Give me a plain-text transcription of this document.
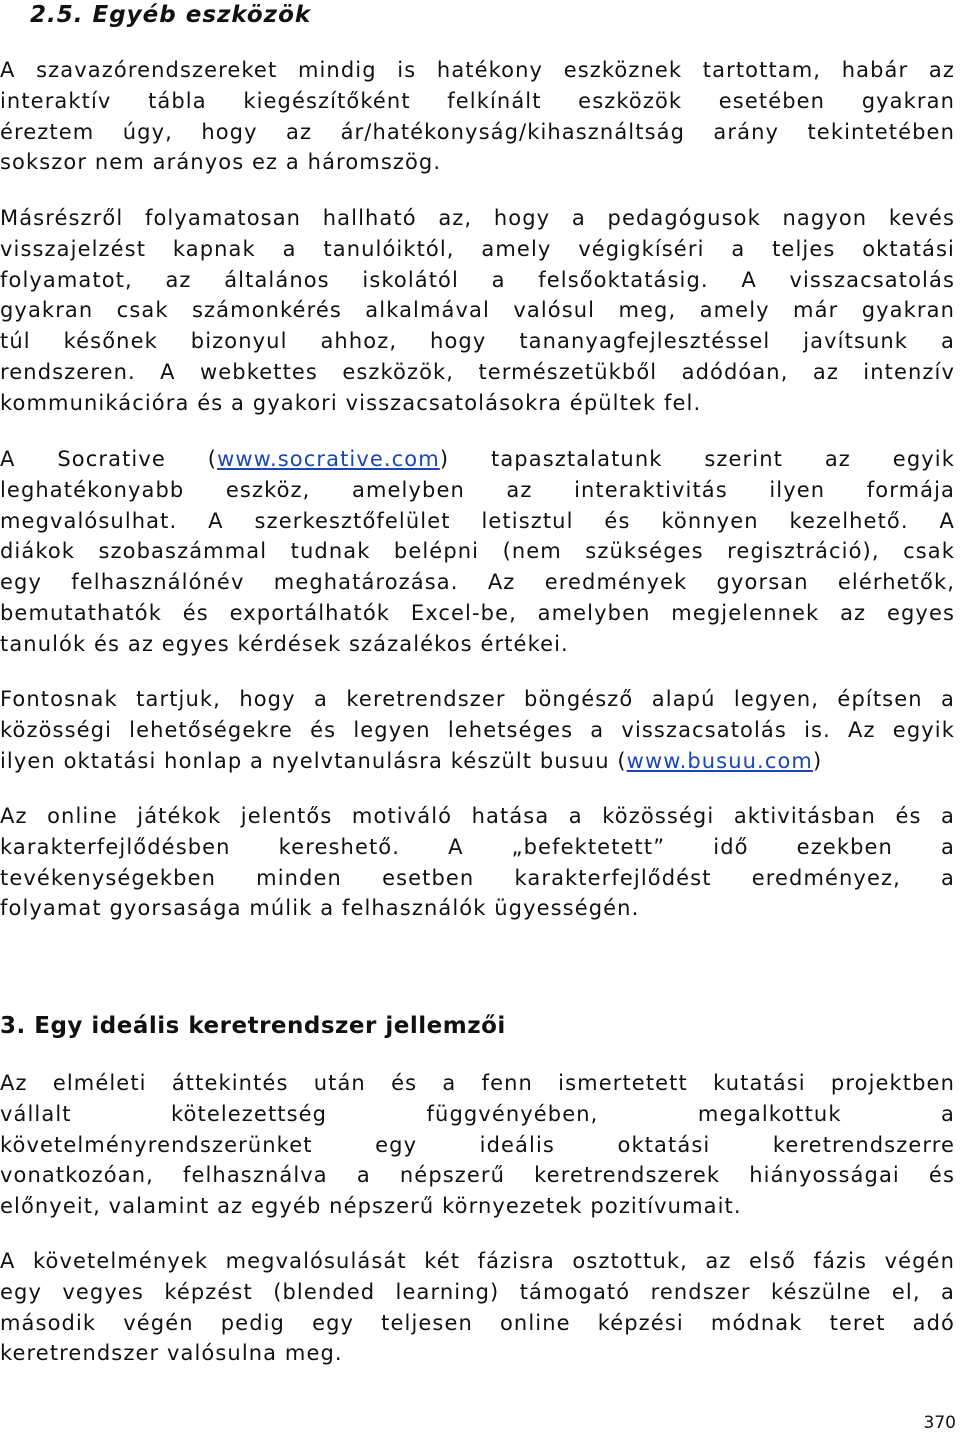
2.5. Egyéb eszközök
A szavazórendszereket mindig is hatékony eszköznek tartottam, habár az
interaktív tábla kiegészítőként felkínált eszközök esetében gyakran
éreztem úgy, hogy az ár/hatékonyság/kihasználtság arány tekintetében
sokszor nem arányos ez a háromszög.
Másrészről folyamatosan hallható az, hogy a pedagógusok nagyon kevés
visszajelzést kapnak a tanulóiktól, amely végigkíséri a teljes oktatási
folyamatot, az általános iskolától a felsőoktatásig. A visszacsatolás
gyakran csak számonkérés alkalmával valósul meg, amely már gyakran
túl későnek bizonyul ahhoz, hogy tananyagfejlesztéssel javítsunk a
rendszeren. A webkettes eszközök, természetükből adódóan, az intenzív
kommunikációra és a gyakori visszacsatolásokra épültek fel.
A Socrative (www.socrative.com) tapasztalatunk szerint az egyik
leghatékonyabb eszköz, amelyben az interaktivitás ilyen formája
megvalósulhat. A szerkesztőfelület letisztul és könnyen kezelhető. A
diákok szobaszámmal tudnak belépni (nem szükséges regisztráció), csak
egy felhasználónév meghatározása. Az eredmények gyorsan elérhetők,
bemutathatók és exportálhatók Excel-be, amelyben megjelennek az egyes
tanulók és az egyes kérdések százalékos értékei.
Fontosnak tartjuk, hogy a keretrendszer böngésző alapú legyen, építsen a
közösségi lehetőségekre és legyen lehetséges a visszacsatolás is. Az egyik
ilyen oktatási honlap a nyelvtanulásra készült busuu (www.busuu.com)
Az online játékok jelentős motiváló hatása a közösségi aktivitásban és a
karakterfejlődésben kereshető. A „befektetett” idő ezekben a
tevékenységekben minden esetben karakterfejlődést eredményez, a
folyamat gyorsasága múlik a felhasználók ügyességén.
3. Egy ideális keretrendszer jellemzői
Az elméleti áttekintés után és a fenn ismertetett kutatási projektben
vállalt kötelezettség függvényében, megalkottuk a
követelményrendszerünket egy ideális oktatási keretrendszerre
vonatkozóan, felhasználva a népszerű keretrendszerek hiányosságai és
előnyeit, valamint az egyéb népszerű környezetek pozitívumait.
A követelmények megvalósulását két fázisra osztottuk, az első fázis végén
egy vegyes képzést (blended learning) támogató rendszer készülne el, a
második végén pedig egy teljesen online képzési módnak teret adó
keretrendszer valósulna meg.
370
